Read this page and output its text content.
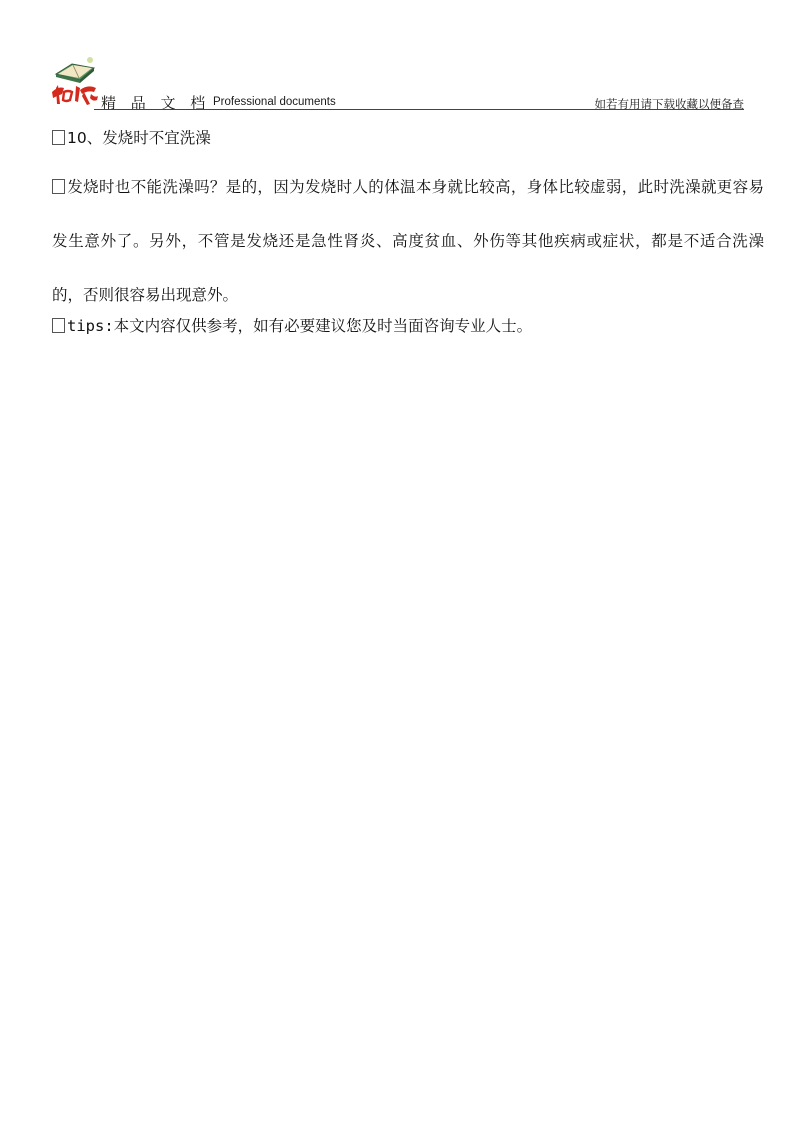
精 品 文 档 Professional documents	如若有用请下载收藏以便备查

10、发烧时不宜洗澡

发烧时也不能洗澡吗？是的，因为发烧时人的体温本身就比较高，身体比较虚弱，此时洗澡就更容易发生意外了。另外，不管是发烧还是急性肾炎、高度贫血、外伤等其他疾病或症状，都是不适合洗澡的，否则很容易出现意外。

tips:本文内容仅供参考，如有必要建议您及时当面咨询专业人士。
